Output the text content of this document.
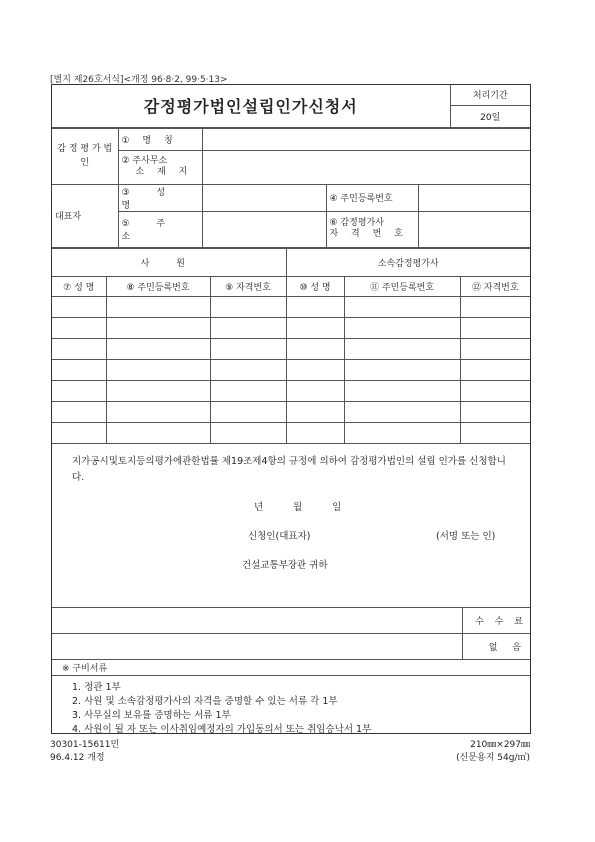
[별지 제26호서식]<개정 96·8·2, 99·5·13>
감정평가법인설립인가신청서	처리기간
20일
감 정 평 가 법 인	① 명 칭			

	② 주사무소
소 재 지			

대표자	③ 성 명		④ 주민등록번호	
	⑤ 주 소		⑥ 감정평가사
자 격 번 호	

사 원			소속감정평가사		
⑦ 성 명	⑧ 주민등록번호	⑨ 자격번호	⑩ 성 명	⑪ 주민등록번호	⑫ 자격번호

지가공시및토지등의평가에관한법률 제19조제4항의 규정에 의하여 감정평가법인의 설립 인가를 신청합니다.
년	월	일
신청인(대표자)	(서명 또는 인)
건설교통부장관 귀하
	수 수 료
	없 음
※ 구비서류	
1. 정관 1부
2. 사원 및 소속감정평가사의 자격을 증명할 수 있는 서류 각 1부
3. 사무실의 보유를 증명하는 서류 1부
4. 사원이 될 자 또는 이사취임예정자의 가입동의서 또는 취임승낙서 1부
30301-15611민
96.4.12 개정
210㎜×297㎜
(신문용지 54g/㎡)
